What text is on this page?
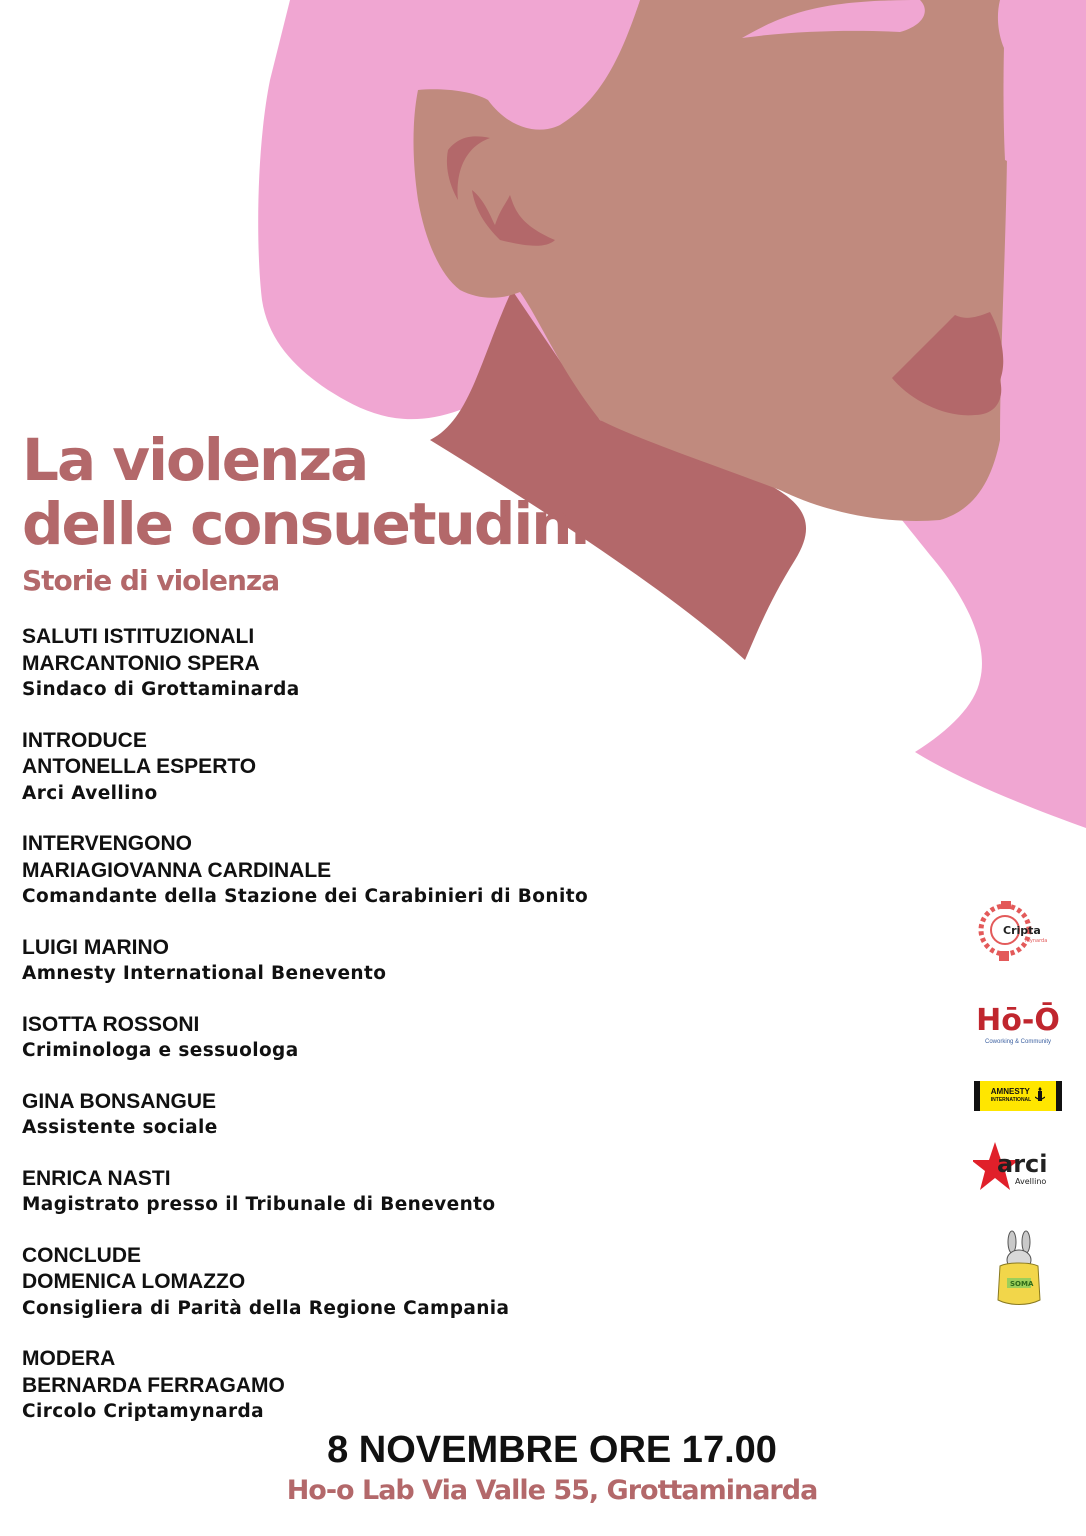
La violenza
delle consuetudini
Storie di violenza
SALUTI ISTITUZIONALI
MARCANTONIO SPERA
Sindaco di Grottaminarda
INTRODUCE
ANTONELLA ESPERTO
Arci Avellino
INTERVENGONO
MARIAGIOVANNA CARDINALE
Comandante della Stazione dei Carabinieri di Bonito
LUIGI MARINO
Amnesty International Benevento
ISOTTA ROSSONI
Criminologa e sessuologa
GINA BONSANGUE
Assistente sociale
ENRICA NASTI
Magistrato presso il Tribunale di Benevento
CONCLUDE
DOMENICA LOMAZZO
Consigliera di Parità della Regione Campania
MODERA
BERNARDA FERRAGAMO
Circolo Criptamynarda
8 NOVEMBRE ORE 17.00
Ho-o Lab Via Valle 55, Grottaminarda
Cripta
mynarda
Hō-Ō
Coworking & Community
AMNESTY
INTERNATIONAL
arci
Avellino
SOMA
